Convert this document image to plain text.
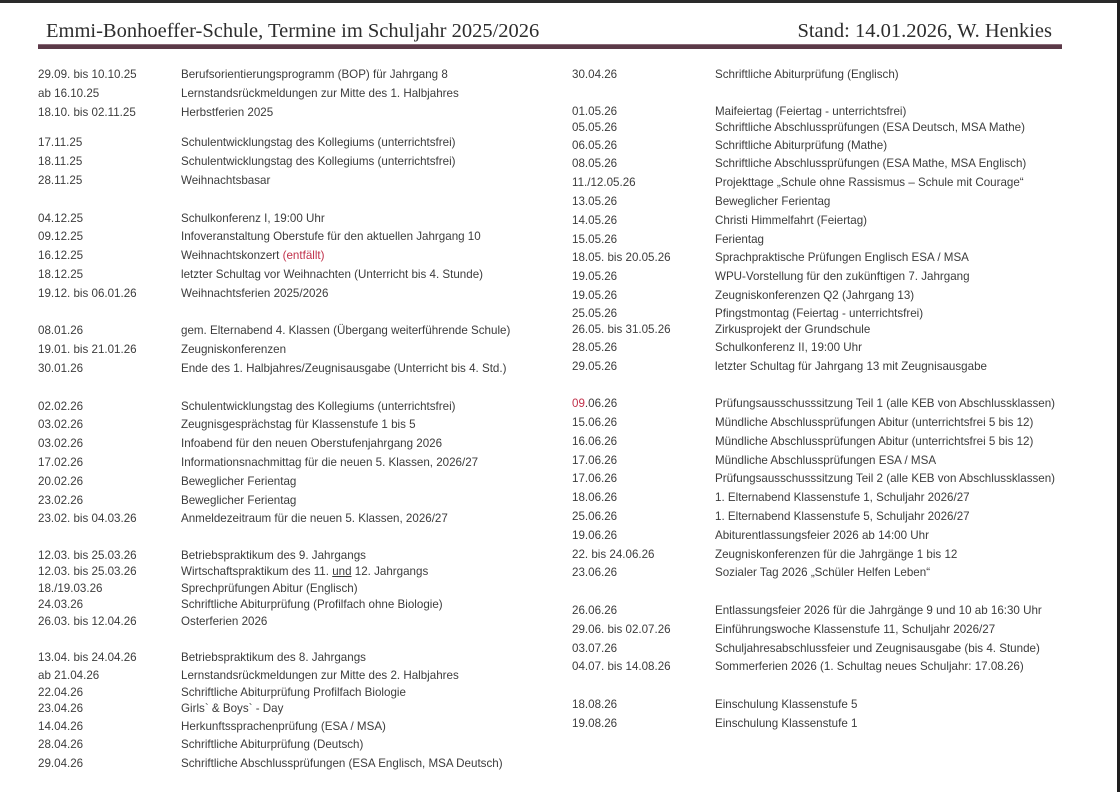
Emmi-Bonhoeffer-Schule, Termine im Schuljahr 2025/2026	Stand: 14.01.2026, W. Henkies
29.09. bis 10.10.25	Berufsorientierungsprogramm (BOP) für Jahrgang 8
ab 16.10.25	Lernstandsrückmeldungen zur Mitte des 1. Halbjahres
18.10. bis 02.11.25	Herbstferien 2025
17.11.25	Schulentwicklungstag des Kollegiums (unterrichtsfrei)
18.11.25	Schulentwicklungstag des Kollegiums (unterrichtsfrei)
28.11.25	Weihnachtsbasar
04.12.25	Schulkonferenz I, 19:00 Uhr
09.12.25	Infoveranstaltung Oberstufe für den aktuellen Jahrgang 10
16.12.25	Weihnachtskonzert (entfällt)
18.12.25	letzter Schultag vor Weihnachten (Unterricht bis 4. Stunde)
19.12. bis 06.01.26	Weihnachtsferien 2025/2026
08.01.26	gem. Elternabend 4. Klassen (Übergang weiterführende Schule)
19.01. bis 21.01.26	Zeugniskonferenzen
30.01.26	Ende des 1. Halbjahres/Zeugnisausgabe (Unterricht bis 4. Std.)
02.02.26	Schulentwicklungstag des Kollegiums (unterrichtsfrei)
03.02.26	Zeugnisgesprächstag für Klassenstufe 1 bis 5
03.02.26	Infoabend für den neuen Oberstufenjahrgang 2026
17.02.26	Informationsnachmittag für die neuen 5. Klassen, 2026/27
20.02.26	Beweglicher Ferientag
23.02.26	Beweglicher Ferientag
23.02. bis 04.03.26	Anmeldezeitraum für die neuen 5. Klassen, 2026/27
12.03. bis 25.03.26	Betriebspraktikum des 9. Jahrgangs
12.03. bis 25.03.26	Wirtschaftspraktikum des 11. und 12. Jahrgangs
18./19.03.26	Sprechprüfungen Abitur (Englisch)
24.03.26	Schriftliche Abiturprüfung (Profilfach ohne Biologie)
26.03. bis 12.04.26	Osterferien 2026
13.04. bis 24.04.26	Betriebspraktikum des 8. Jahrgangs
ab 21.04.26	Lernstandsrückmeldungen zur Mitte des 2. Halbjahres
22.04.26	Schriftliche Abiturprüfung Profilfach Biologie
23.04.26	Girls` & Boys` - Day
14.04.26	Herkunftssprachenprüfung (ESA / MSA)
28.04.26	Schriftliche Abiturprüfung (Deutsch)
29.04.26	Schriftliche Abschlussprüfungen (ESA Englisch, MSA Deutsch)
30.04.26	Schriftliche Abiturprüfung (Englisch)
01.05.26	Maifeiertag (Feiertag - unterrichtsfrei)
05.05.26	Schriftliche Abschlussprüfungen (ESA Deutsch, MSA Mathe)
06.05.26	Schriftliche Abiturprüfung (Mathe)
08.05.26	Schriftliche Abschlussprüfungen (ESA Mathe, MSA Englisch)
11./12.05.26	Projekttage „Schule ohne Rassismus – Schule mit Courage“
13.05.26	Beweglicher Ferientag
14.05.26	Christi Himmelfahrt (Feiertag)
15.05.26	Ferientag
18.05. bis 20.05.26	Sprachpraktische Prüfungen Englisch ESA / MSA
19.05.26	WPU-Vorstellung für den zukünftigen 7. Jahrgang
19.05.26	Zeugniskonferenzen Q2 (Jahrgang 13)
25.05.26	Pfingstmontag (Feiertag - unterrichtsfrei)
26.05. bis 31.05.26	Zirkusprojekt der Grundschule
28.05.26	Schulkonferenz II, 19:00 Uhr
29.05.26	letzter Schultag für Jahrgang 13 mit Zeugnisausgabe
09.06.26	Prüfungsausschusssitzung Teil 1 (alle KEB von Abschlussklassen)
15.06.26	Mündliche Abschlussprüfungen Abitur (unterrichtsfrei 5 bis 12)
16.06.26	Mündliche Abschlussprüfungen Abitur (unterrichtsfrei 5 bis 12)
17.06.26	Mündliche Abschlussprüfungen ESA / MSA
17.06.26	Prüfungsausschusssitzung Teil 2 (alle KEB von Abschlussklassen)
18.06.26	1. Elternabend Klassenstufe 1, Schuljahr 2026/27
25.06.26	1. Elternabend Klassenstufe 5, Schuljahr 2026/27
19.06.26	Abiturentlassungsfeier 2026 ab 14:00 Uhr
22. bis 24.06.26	Zeugniskonferenzen für die Jahrgänge 1 bis 12
23.06.26	Sozialer Tag 2026 „Schüler Helfen Leben“
26.06.26	Entlassungsfeier 2026 für die Jahrgänge 9 und 10 ab 16:30 Uhr
29.06. bis 02.07.26	Einführungswoche Klassenstufe 11, Schuljahr 2026/27
03.07.26	Schuljahresabschlussfeier und Zeugnisausgabe (bis 4. Stunde)
04.07. bis 14.08.26	Sommerferien 2026 (1. Schultag neues Schuljahr: 17.08.26)
18.08.26	Einschulung Klassenstufe 5
19.08.26	Einschulung Klassenstufe 1
